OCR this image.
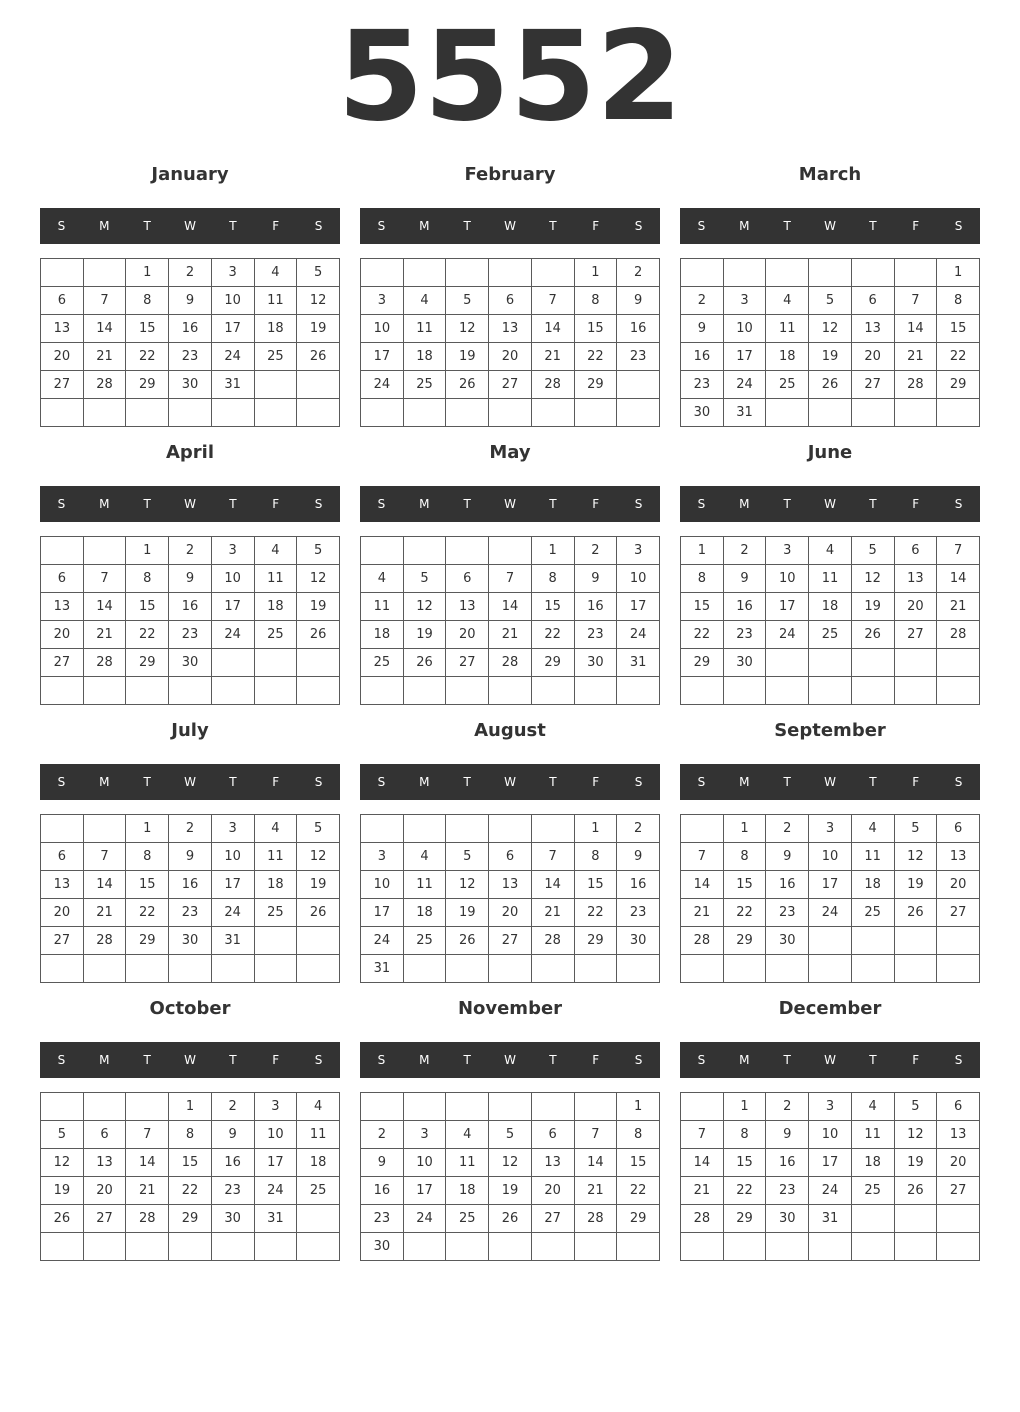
5552
January
S	M	T	W	T	F	S
		1	2	3	4	5
6	7	8	9	10	11	12
13	14	15	16	17	18	19
20	21	22	23	24	25	26
27	28	29	30	31		

February
S	M	T	W	T	F	S
					1	2
3	4	5	6	7	8	9
10	11	12	13	14	15	16
17	18	19	20	21	22	23
24	25	26	27	28	29	

March
S	M	T	W	T	F	S
						1
2	3	4	5	6	7	8
9	10	11	12	13	14	15
16	17	18	19	20	21	22
23	24	25	26	27	28	29
30	31					
April
S	M	T	W	T	F	S
		1	2	3	4	5
6	7	8	9	10	11	12
13	14	15	16	17	18	19
20	21	22	23	24	25	26
27	28	29	30			

May
S	M	T	W	T	F	S
				1	2	3
4	5	6	7	8	9	10
11	12	13	14	15	16	17
18	19	20	21	22	23	24
25	26	27	28	29	30	31

June
S	M	T	W	T	F	S
1	2	3	4	5	6	7
8	9	10	11	12	13	14
15	16	17	18	19	20	21
22	23	24	25	26	27	28
29	30					

July
S	M	T	W	T	F	S
		1	2	3	4	5
6	7	8	9	10	11	12
13	14	15	16	17	18	19
20	21	22	23	24	25	26
27	28	29	30	31		

August
S	M	T	W	T	F	S
					1	2
3	4	5	6	7	8	9
10	11	12	13	14	15	16
17	18	19	20	21	22	23
24	25	26	27	28	29	30
31						
September
S	M	T	W	T	F	S
	1	2	3	4	5	6
7	8	9	10	11	12	13
14	15	16	17	18	19	20
21	22	23	24	25	26	27
28	29	30				

October
S	M	T	W	T	F	S
			1	2	3	4
5	6	7	8	9	10	11
12	13	14	15	16	17	18
19	20	21	22	23	24	25
26	27	28	29	30	31	

November
S	M	T	W	T	F	S
						1
2	3	4	5	6	7	8
9	10	11	12	13	14	15
16	17	18	19	20	21	22
23	24	25	26	27	28	29
30						
December
S	M	T	W	T	F	S
	1	2	3	4	5	6
7	8	9	10	11	12	13
14	15	16	17	18	19	20
21	22	23	24	25	26	27
28	29	30	31			
